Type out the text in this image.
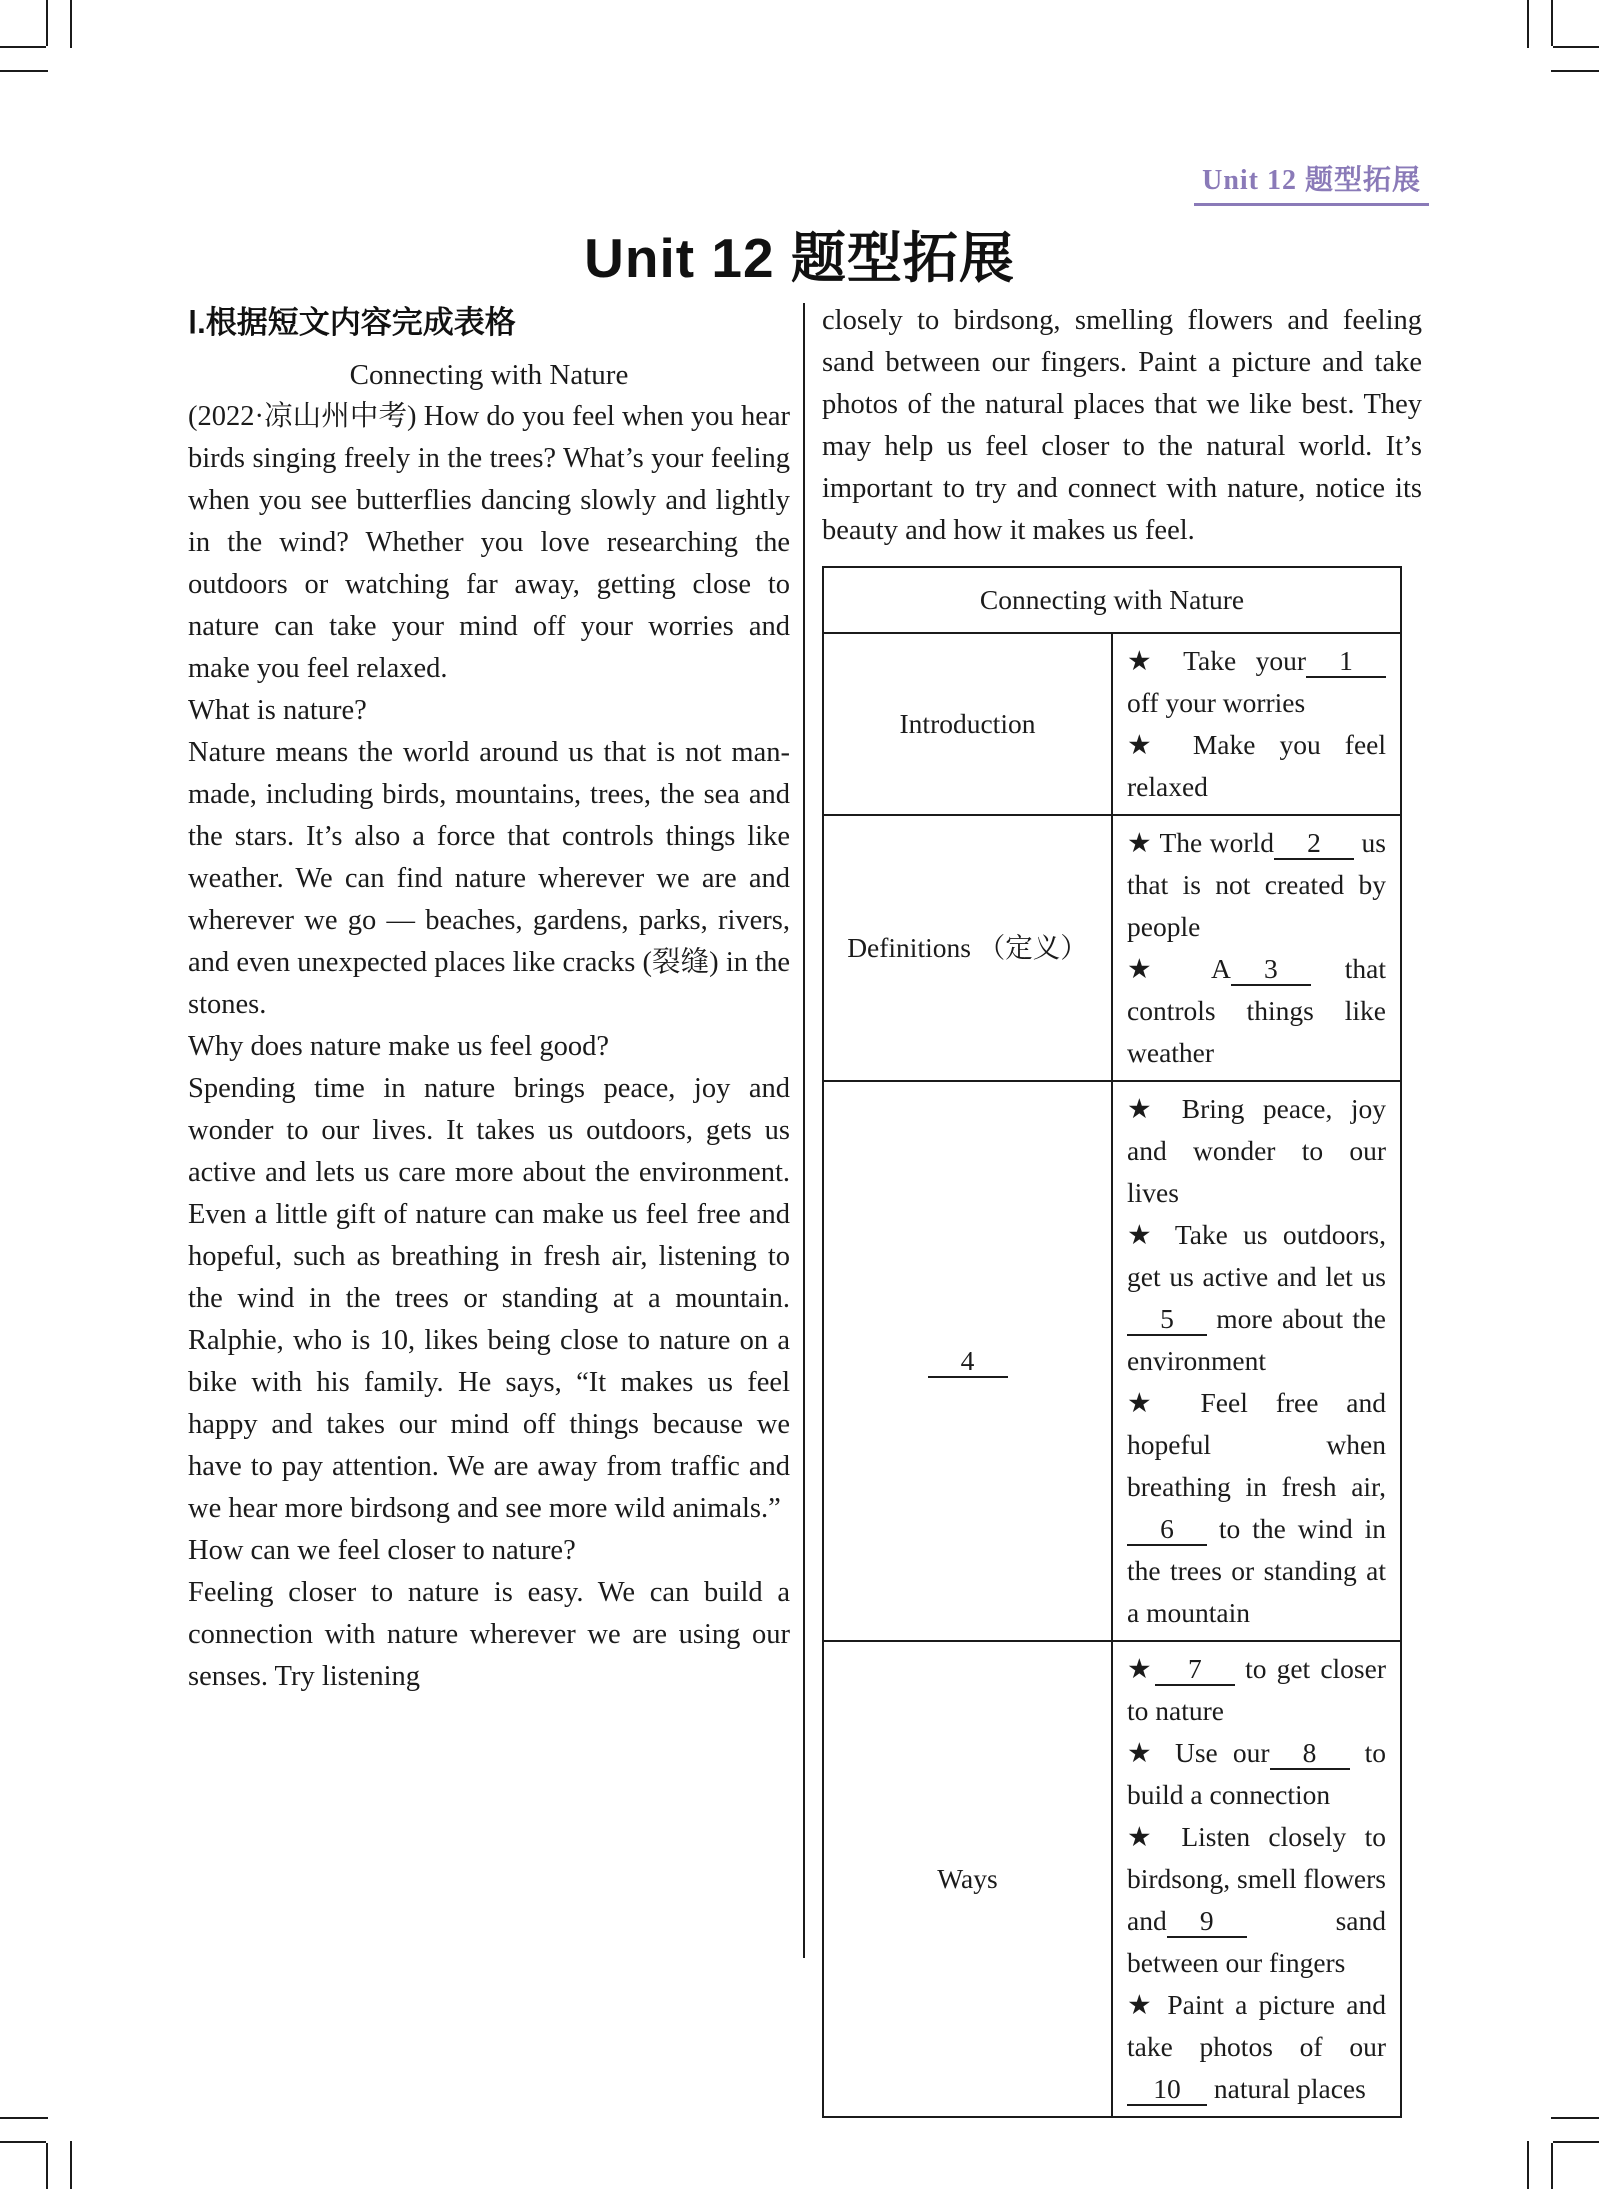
Unit 12 题型拓展
Unit 12 题型拓展
Ⅰ.根据短文内容完成表格

Connecting with Nature

(2022·凉山州中考) How do you feel when you hear birds singing freely in the trees? What’s your feeling when you see butterflies dancing slowly and lightly in the wind? Whether you love researching the outdoors or watching far away, getting close to nature can take your mind off your worries and make you feel relaxed.

What is nature?

Nature means the world around us that is not man-made, including birds, mountains, trees, the sea and the stars. It’s also a force that controls things like weather. We can find nature wherever we are and wherever we go — beaches, gardens, parks, rivers, and even unexpected places like cracks (裂缝) in the stones.

Why does nature make us feel good?

Spending time in nature brings peace, joy and wonder to our lives. It takes us outdoors, gets us active and lets us care more about the environment. Even a little gift of nature can make us feel free and hopeful, such as breathing in fresh air, listening to the wind in the trees or standing at a mountain. Ralphie, who is 10, likes being close to nature on a bike with his family. He says, “It makes us feel happy and takes our mind off things because we have to pay attention. We are away from traffic and we hear more birdsong and see more wild animals.”

How can we feel closer to nature?

Feeling closer to nature is easy. We can build a connection with nature wherever we are using our senses. Try listening

closely to birdsong, smelling flowers and feeling sand between our fingers. Paint a picture and take photos of the natural places that we like best. They may help us feel closer to the natural world. It’s important to try and connect with nature, notice its beauty and how it makes us feel.

Connecting with Nature	
Introduction	★ Take your 1 off your worries
★ Make you feel relaxed

Definitions （定义）	★ The world 2 us that is not created by people
★ A 3 that controls things like weather

4	★ Bring peace, joy and wonder to our lives
★ Take us outdoors, get us active and let us5 more about the environment
★ Feel free and hopeful when breathing in fresh air,6 to the wind in the trees or standing at a mountain

Ways	★ 7 to get closer to nature
★ Use our 8 to build a connection
★ Listen closely to birdsong, smell flowers and 9 sand between our fingers
★ Paint a picture and take photos of our10 natural places
